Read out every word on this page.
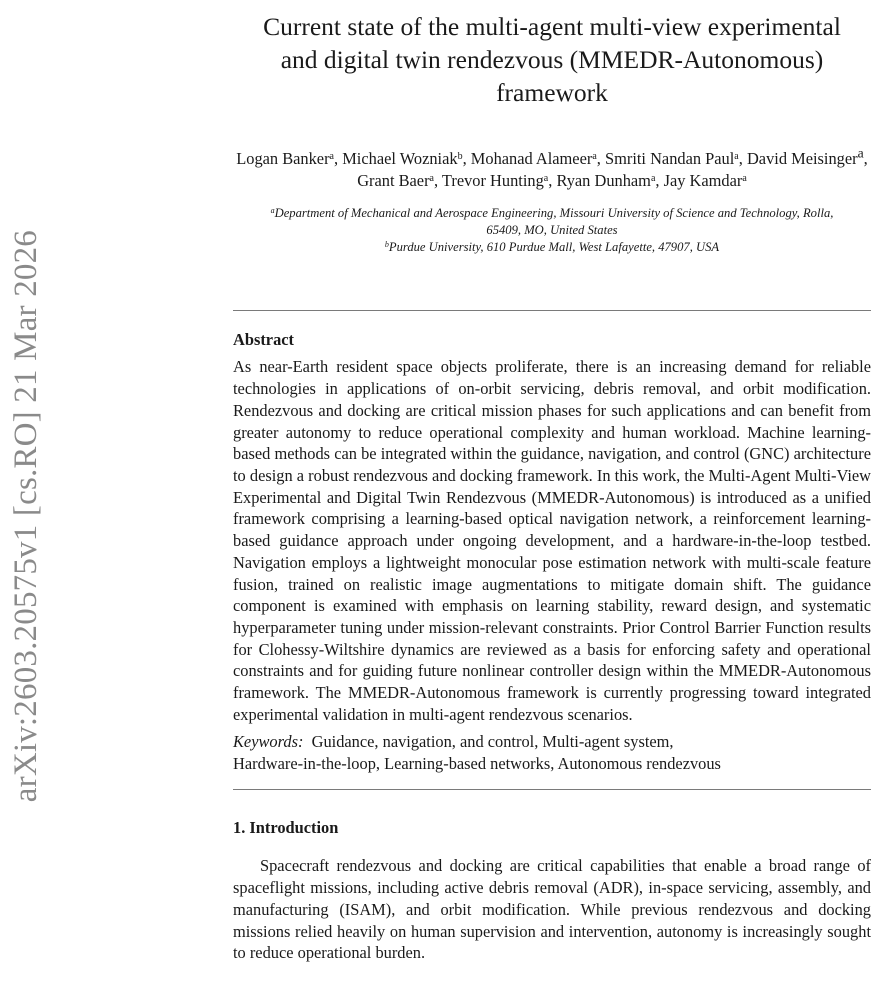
arXiv:2603.20575v1 [cs.RO] 21 Mar 2026
Current state of the multi-agent multi-view experimental
and digital twin rendezvous (MMEDR-Autonomous)
framework
Logan Banker$^a$, Michael Wozniak$^b$, Mohanad Alameer$^a$, Smriti Nandan Paul$^a$, David Meisinger$^a$, Grant Baer$^a$, Trevor Hunting$^a$, Ryan Dunham$^a$, Jay Kamdar$^a$
$^a$Department of Mechanical and Aerospace Engineering, Missouri University of Science and Technology, Rolla, 65409, MO, United States
$^b$Purdue University, 610 Purdue Mall, West Lafayette, 47907, USA
Abstract
As near-Earth resident space objects proliferate, there is an increasing demand for reliable technologies in applications of on-orbit servicing, debris removal, and orbit modification. Rendezvous and docking are critical mission phases for such applications and can benefit from greater autonomy to reduce operational complexity and human workload. Machine learning-based methods can be integrated within the guidance, navigation, and control (GNC) architecture to design a robust rendezvous and docking framework. In this work, the Multi-Agent Multi-View Experimental and Digital Twin Rendezvous (MMEDR-Autonomous) is introduced as a unified framework comprising a learning-based optical navigation network, a reinforcement learning-based guidance approach under ongoing development, and a hardware-in-the-loop testbed. Navigation employs a lightweight monocular pose estimation network with multi-scale feature fusion, trained on realistic image augmentations to mitigate domain shift. The guidance component is examined with emphasis on learning stability, reward design, and systematic hyperparameter tuning under mission-relevant constraints. Prior Control Barrier Function results for Clohessy-Wiltshire dynamics are reviewed as a basis for enforcing safety and operational constraints and for guiding future nonlinear controller design within the MMEDR-Autonomous framework. The MMEDR-Autonomous framework is currently progressing toward integrated experimental validation in multi-agent rendezvous scenarios.
Keywords: Guidance, navigation, and control, Multi-agent system,
Hardware-in-the-loop, Learning-based networks, Autonomous rendezvous
1. Introduction
Spacecraft rendezvous and docking are critical capabilities that enable a broad range of spaceflight missions, including active debris removal (ADR), in-space servicing, assembly, and manufacturing (ISAM), and orbit modification. While previous rendezvous and docking missions relied heavily on human supervision and intervention, autonomy is increasingly sought to reduce operational burden.
